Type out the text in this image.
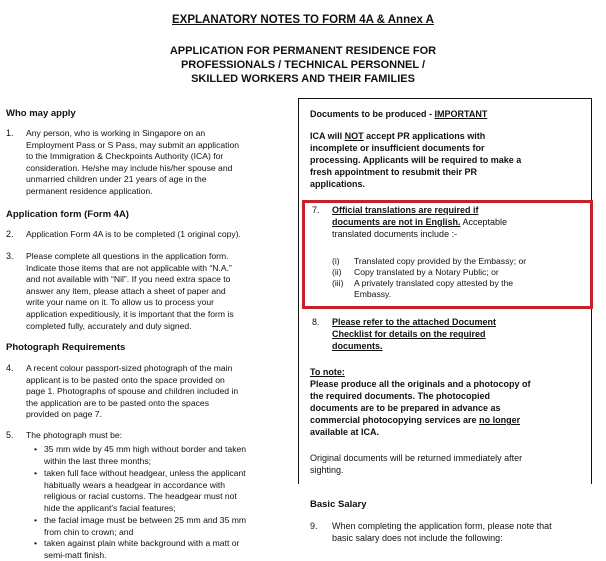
EXPLANATORY NOTES TO FORM 4A & Annex A
APPLICATION FOR PERMANENT RESIDENCE FOR
PROFESSIONALS / TECHNICAL PERSONNEL /
SKILLED WORKERS AND THEIR FAMILIES
Who may apply
1.	Any person, who is working in Singapore on an
Employment Pass or S Pass, may submit an application
to the Immigration & Checkpoints Authority (ICA) for
consideration. He/she may include his/her spouse and
unmarried children under 21 years of age in the
permanent residence application.
Application form (Form 4A)
2.	Application Form 4A is to be completed (1 original copy).
3.	Please complete all questions in the application form.
Indicate those items that are not applicable with “N.A.”
and not available with “Nil”. If you need extra space to
answer any item, please attach a sheet of paper and
write your name on it. To allow us to process your
application expeditiously, it is important that the form is
completed fully, accurately and duly signed.
Photograph Requirements
4.	A recent colour passport-sized photograph of the main
applicant is to be pasted onto the space provided on
page 1. Photographs of spouse and children included in
the application are to be pasted onto the spaces
provided on page 7.
5.	The photograph must be:
• 35 mm wide by 45 mm high without border and taken
within the last three months;
• taken full face without headgear, unless the applicant
habitually wears a headgear in accordance with
religious or racial customs. The headgear must not
hide the applicant's facial features;
• the facial image must be between 25 mm and 35 mm
from chin to crown; and
• taken against plain white background with a matt or
semi-matt finish.
Documents to be produced - IMPORTANT
ICA will NOT accept PR applications with
incomplete or insufficient documents for
processing. Applicants will be required to make a
fresh appointment to resubmit their PR
applications.
7. Official translations are required if
documents are not in English. Acceptable
translated documents include :-
(i) Translated copy provided by the Embassy; or
(ii) Copy translated by a Notary Public; or
(iii) A privately translated copy attested by the
Embassy.
8. Please refer to the attached Document
Checklist for details on the required
documents.
To note:
Please produce all the originals and a photocopy of
the required documents. The photocopied
documents are to be prepared in advance as
commercial photocopying services are no longer
available at ICA.
Original documents will be returned immediately after
sighting.
Basic Salary
9. When completing the application form, please note that
basic salary does not include the following:
